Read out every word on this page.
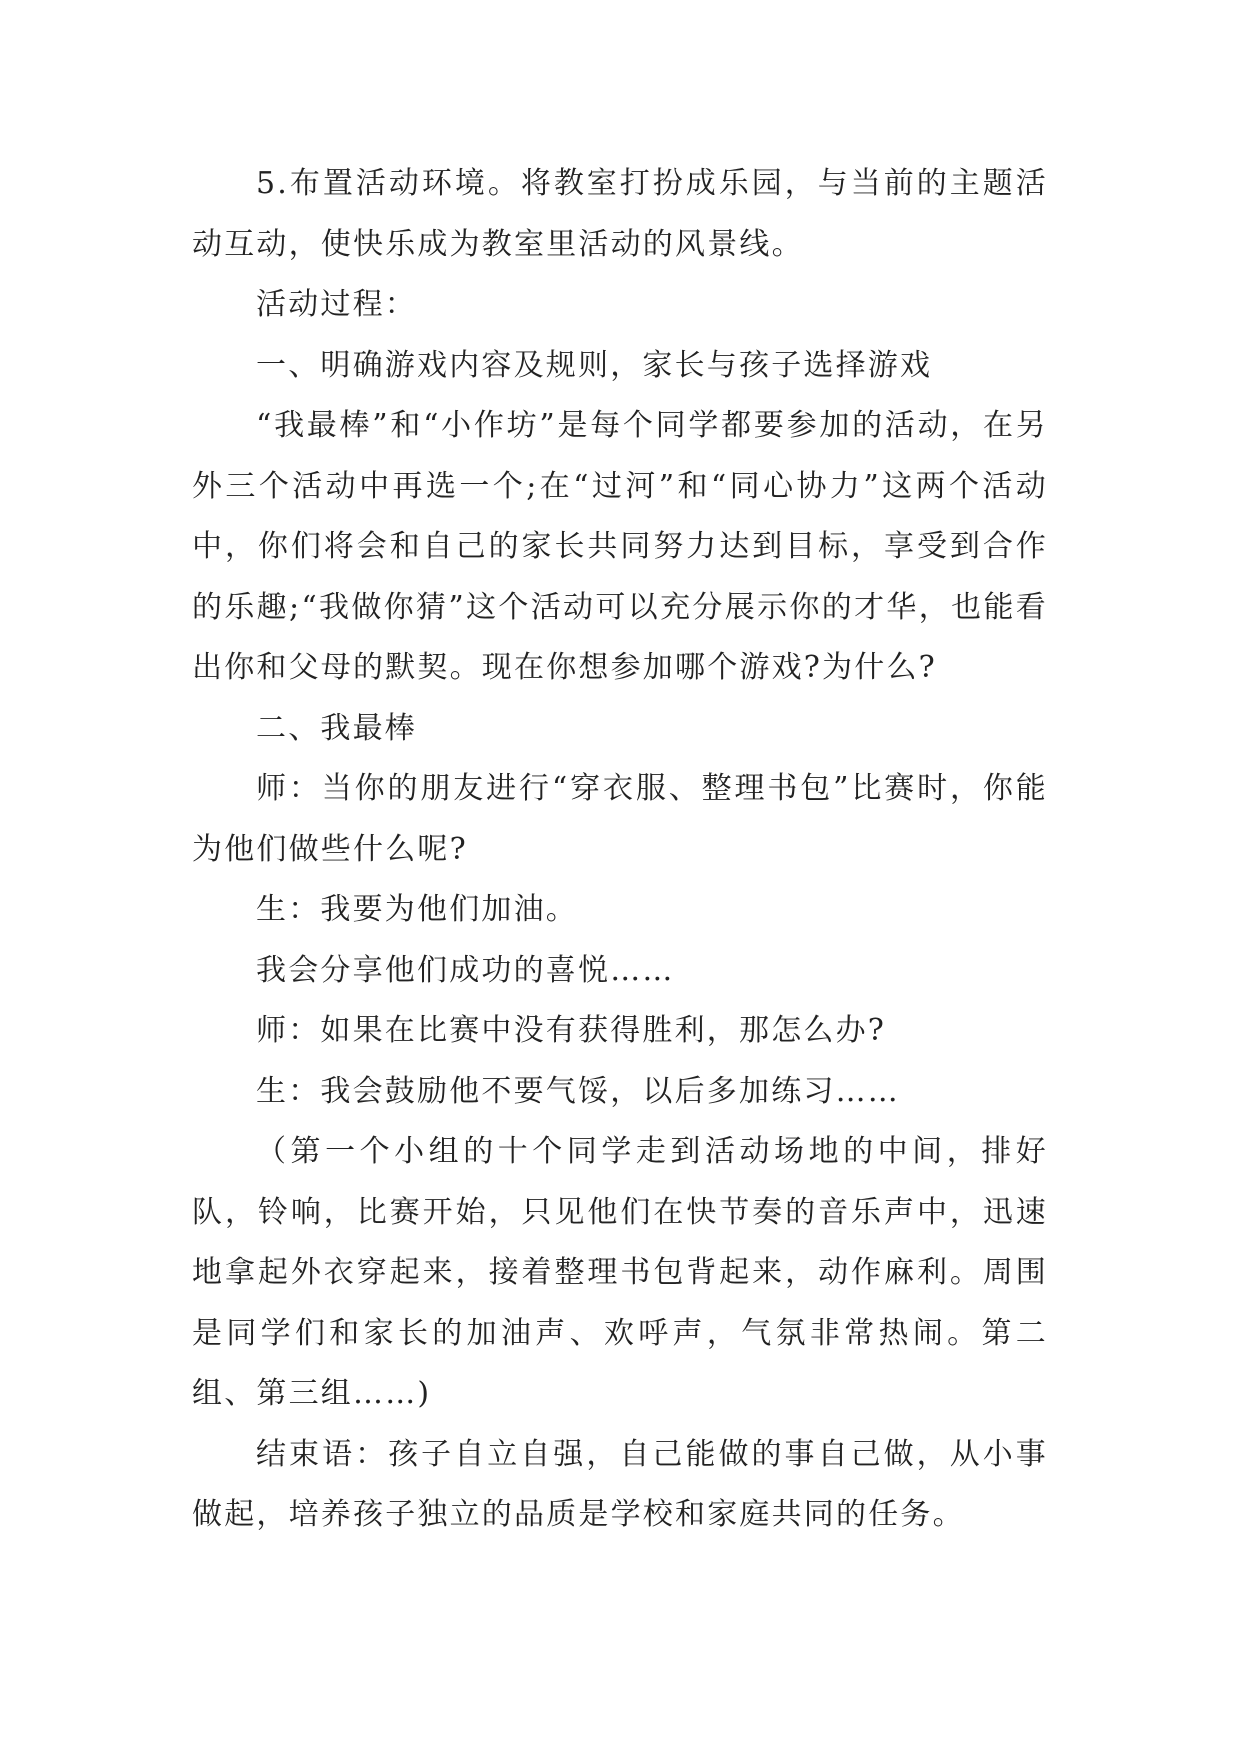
5.布置活动环境。将教室打扮成乐园，与当前的主题活动互动，使快乐成为教室里活动的风景线。

活动过程：

一、明确游戏内容及规则，家长与孩子选择游戏

“我最棒”和“小作坊”是每个同学都要参加的活动，在另外三个活动中再选一个;在“过河”和“同心协力”这两个活动中，你们将会和自己的家长共同努力达到目标，享受到合作的乐趣;“我做你猜”这个活动可以充分展示你的才华，也能看出你和父母的默契。现在你想参加哪个游戏?为什么?

二、我最棒

师：当你的朋友进行“穿衣服、整理书包”比赛时，你能为他们做些什么呢?

生：我要为他们加油。

我会分享他们成功的喜悦……

师：如果在比赛中没有获得胜利，那怎么办?

生：我会鼓励他不要气馁，以后多加练习……

（第一个小组的十个同学走到活动场地的中间，排好队，铃响，比赛开始，只见他们在快节奏的音乐声中，迅速地拿起外衣穿起来，接着整理书包背起来，动作麻利。周围是同学们和家长的加油声、欢呼声，气氛非常热闹。第二组、第三组……)

结束语：孩子自立自强，自己能做的事自己做，从小事做起，培养孩子独立的品质是学校和家庭共同的任务。
